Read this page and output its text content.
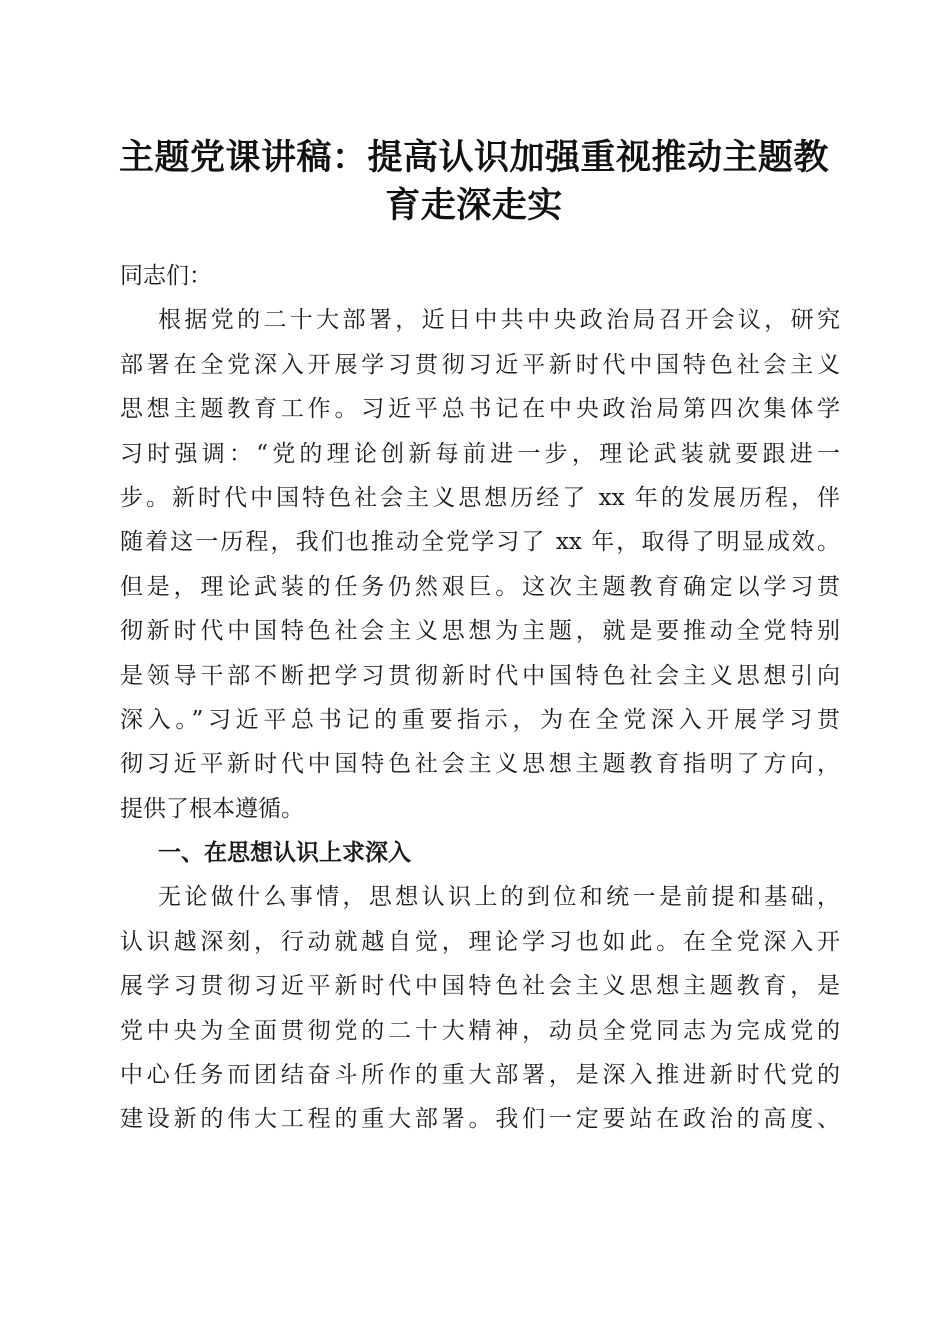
主题党课讲稿：提高认识加强重视推动主题教
育走深走实
同志们：
根据党的二十大部署，近日中共中央政治局召开会议，研究
部署在全党深入开展学习贯彻习近平新时代中国特色社会主义
思想主题教育工作。习近平总书记在中央政治局第四次集体学
习时强调：“党的理论创新每前进一步，理论武装就要跟进一
步。新时代中国特色社会主义思想历经了 xx 年的发展历程，伴
随着这一历程，我们也推动全党学习了 xx 年，取得了明显成效。
但是，理论武装的任务仍然艰巨。这次主题教育确定以学习贯
彻新时代中国特色社会主义思想为主题，就是要推动全党特别
是领导干部不断把学习贯彻新时代中国特色社会主义思想引向
深入。”习近平总书记的重要指示，为在全党深入开展学习贯
彻习近平新时代中国特色社会主义思想主题教育指明了方向，
提供了根本遵循。
一、在思想认识上求深入
无论做什么事情，思想认识上的到位和统一是前提和基础，
认识越深刻，行动就越自觉，理论学习也如此。在全党深入开
展学习贯彻习近平新时代中国特色社会主义思想主题教育，是
党中央为全面贯彻党的二十大精神，动员全党同志为完成党的
中心任务而团结奋斗所作的重大部署，是深入推进新时代党的
建设新的伟大工程的重大部署。我们一定要站在政治的高度、
